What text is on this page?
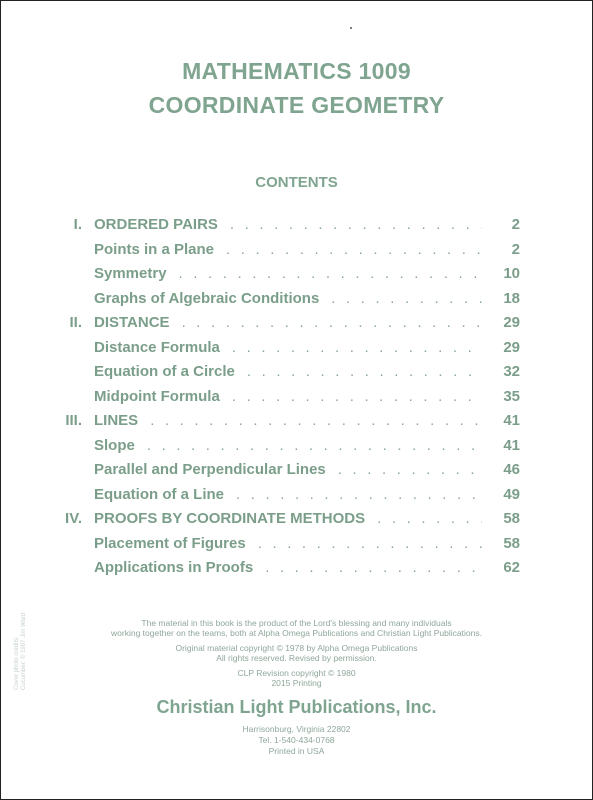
MATHEMATICS 1009
COORDINATE GEOMETRY
CONTENTS
I. ORDERED PAIRS . . .	2
Points in a Plane . . .	2
Symmetry . . .	10
Graphs of Algebraic Conditions . . .	18
II. DISTANCE . . .	29
Distance Formula . . .	29
Equation of a Circle . . .	32
Midpoint Formula . . .	35
III. LINES . . .	41
Slope . . .	41
Parallel and Perpendicular Lines . . .	46
Equation of a Line . . .	49
IV. PROOFS BY COORDINATE METHODS . . .	58
Placement of Figures . . .	58
Applications in Proofs . . .	62
The material in this book is the product of the Lord's blessing and many individuals
working together on the teams, both at Alpha Omega Publications and Christian Light Publications.
Original material copyright © 1978 by Alpha Omega Publications
All rights reserved. Revised by permission.
CLP Revision copyright © 1980
2015 Printing
Christian Light Publications, Inc.
Harrisonburg, Virginia 22802
Tel. 1-540-434-0768
Printed in USA
Cover photo credits: Cucumber: © 1987 Jim Ward
